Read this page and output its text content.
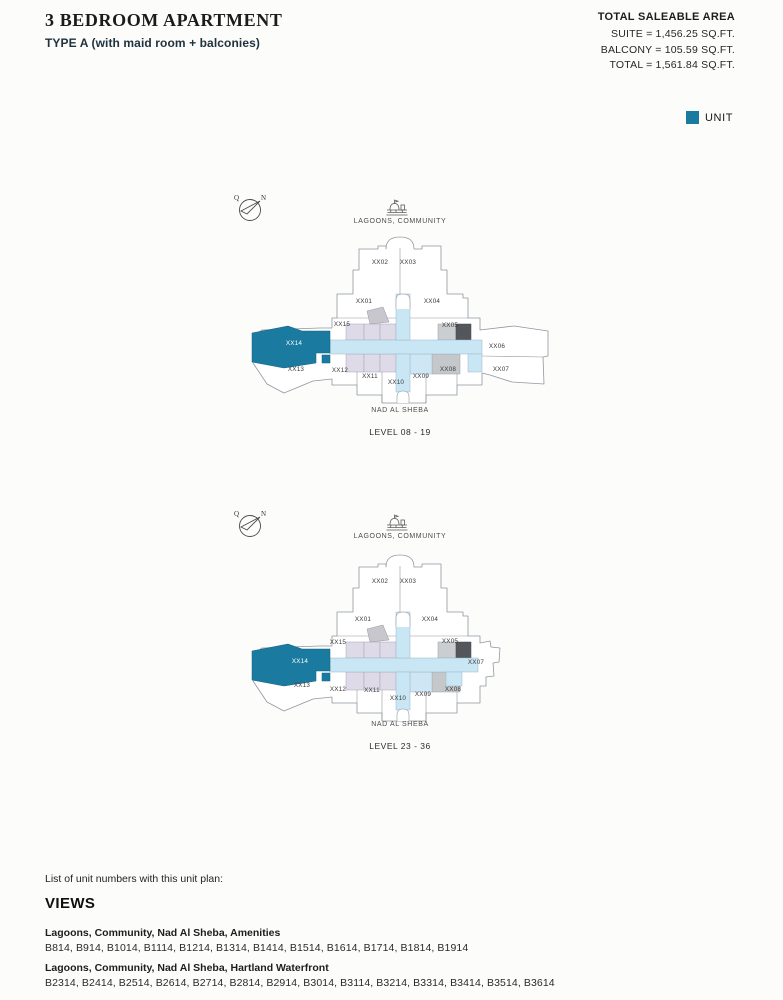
3 BEDROOM APARTMENT
TYPE A (with maid room + balconies)
TOTAL SALEABLE AREA
SUITE = 1,456.25 SQ.FT.
BALCONY = 105.59 SQ.FT.
TOTAL = 1,561.84 SQ.FT.
UNIT
N
Q
LAGOONS, COMMUNITY
XX01
XX02 XX03
XX04
XX05
XX06
XX07
XX08
XX09
XX10
XX11
XX12
XX13
XX14
XX15
NAD AL SHEBA
LEVEL 08 - 19
N
Q
LAGOONS, COMMUNITY
XX01
XX02 XX03
XX04
XX05
XX07
XX08
XX09
XX10
XX11
XX12
XX13
XX14
XX15
NAD AL SHEBA
LEVEL 23 - 36
List of unit numbers with this unit plan:
VIEWS
Lagoons, Community, Nad Al Sheba, Amenities
B814, B914, B1014, B1114, B1214, B1314, B1414, B1514, B1614, B1714, B1814, B1914
Lagoons, Community, Nad Al Sheba, Hartland Waterfront
B2314, B2414, B2514, B2614, B2714, B2814, B2914, B3014, B3114, B3214, B3314, B3414, B3514, B3614
